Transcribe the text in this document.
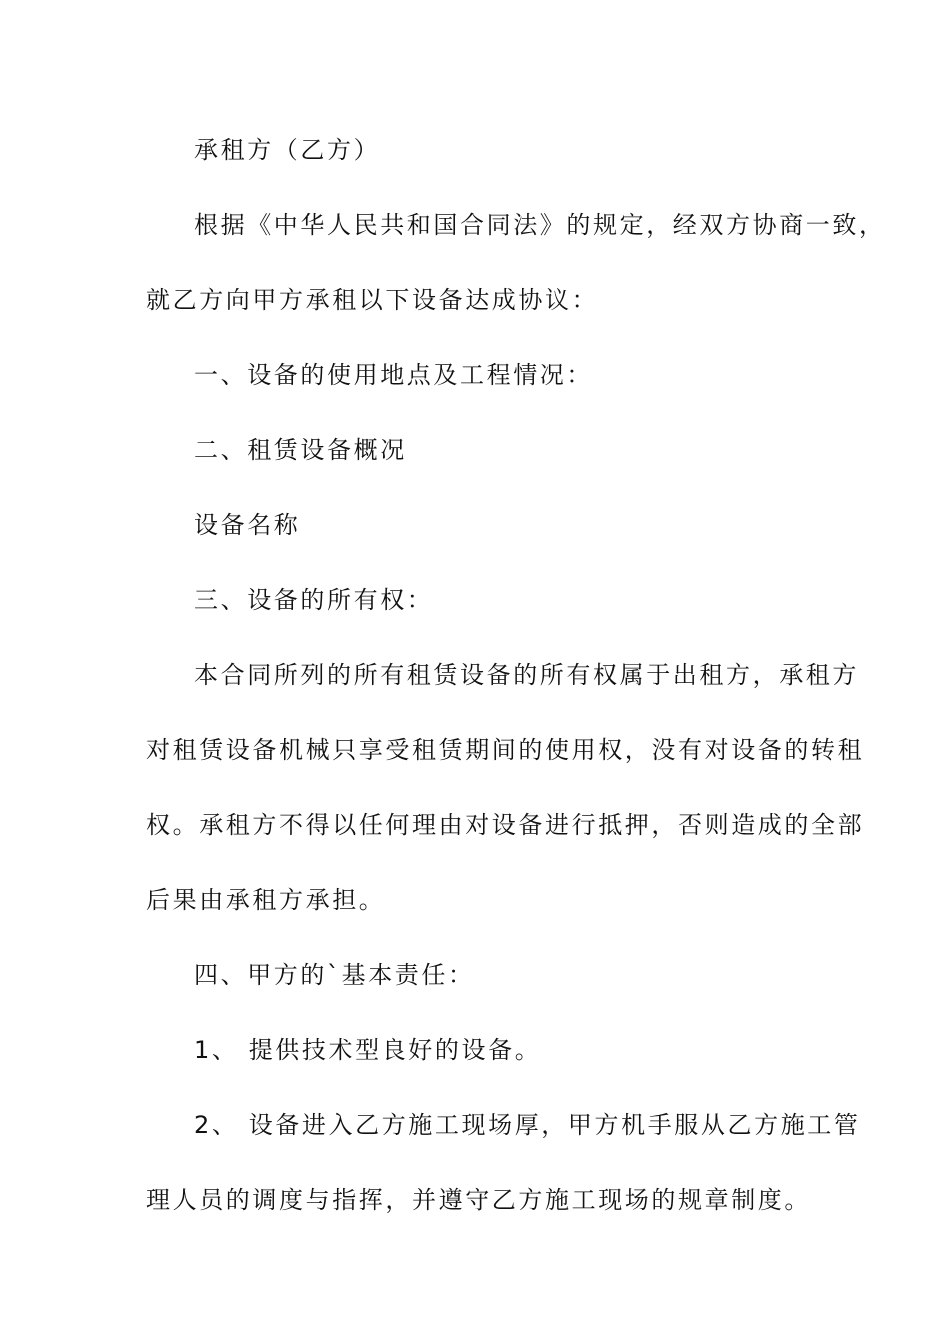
承租方（乙方）
根据《中华人民共和国合同法》的规定，经双方协商一致，
就乙方向甲方承租以下设备达成协议：
一、设备的使用地点及工程情况：
二、租赁设备概况
设备名称
三、设备的所有权：
本合同所列的所有租赁设备的所有权属于出租方，承租方
对租赁设备机械只享受租赁期间的使用权，没有对设备的转租
权。承租方不得以任何理由对设备进行抵押，否则造成的全部
后果由承租方承担。
四、甲方的`基本责任：
1、 提供技术型良好的设备。
2、 设备进入乙方施工现场厚，甲方机手服从乙方施工管
理人员的调度与指挥，并遵守乙方施工现场的规章制度。
